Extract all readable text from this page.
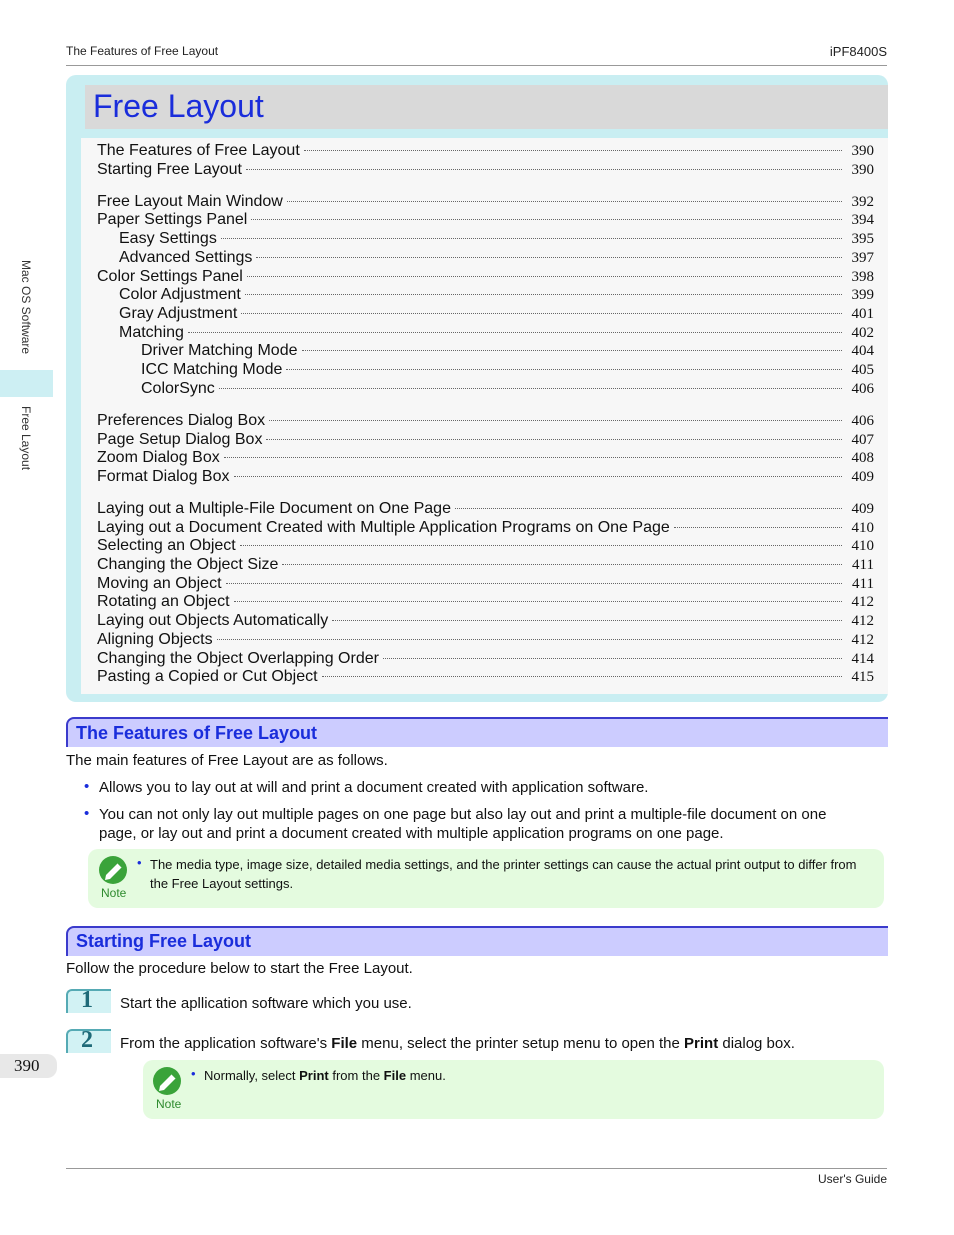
The Features of Free Layout	iPF8400S
Mac OS Software
Free Layout
390
Free Layout
The Features of Free Layout	390
Starting Free Layout	390
Free Layout Main Window	392
Paper Settings Panel	394
Easy Settings	395
Advanced Settings	397
Color Settings Panel	398
Color Adjustment	399
Gray Adjustment	401
Matching	402
Driver Matching Mode	404
ICC Matching Mode	405
ColorSync	406
Preferences Dialog Box	406
Page Setup Dialog Box	407
Zoom Dialog Box	408
Format Dialog Box	409
Laying out a Multiple-File Document on One Page	409
Laying out a Document Created with Multiple Application Programs on One Page	410
Selecting an Object	410
Changing the Object Size	411
Moving an Object	411
Rotating an Object	412
Laying out Objects Automatically	412
Aligning Objects	412
Changing the Object Overlapping Order	414
Pasting a Copied or Cut Object	415
The Features of Free Layout
The main features of Free Layout are as follows.
• Allows you to lay out at will and print a document created with application software.
• You can not only lay out multiple pages on one page but also lay out and print a multiple-file document on one
page, or lay out and print a document created with multiple application programs on one page.
Note
• The media type, image size, detailed media settings, and the printer settings can cause the actual print output to differ from
the Free Layout settings.
Starting Free Layout
Follow the procedure below to start the Free Layout.
1 Start the apllication software which you use.
2 From the application software's File menu, select the printer setup menu to open the Print dialog box.
Note
• Normally, select Print from the File menu.
User's Guide
